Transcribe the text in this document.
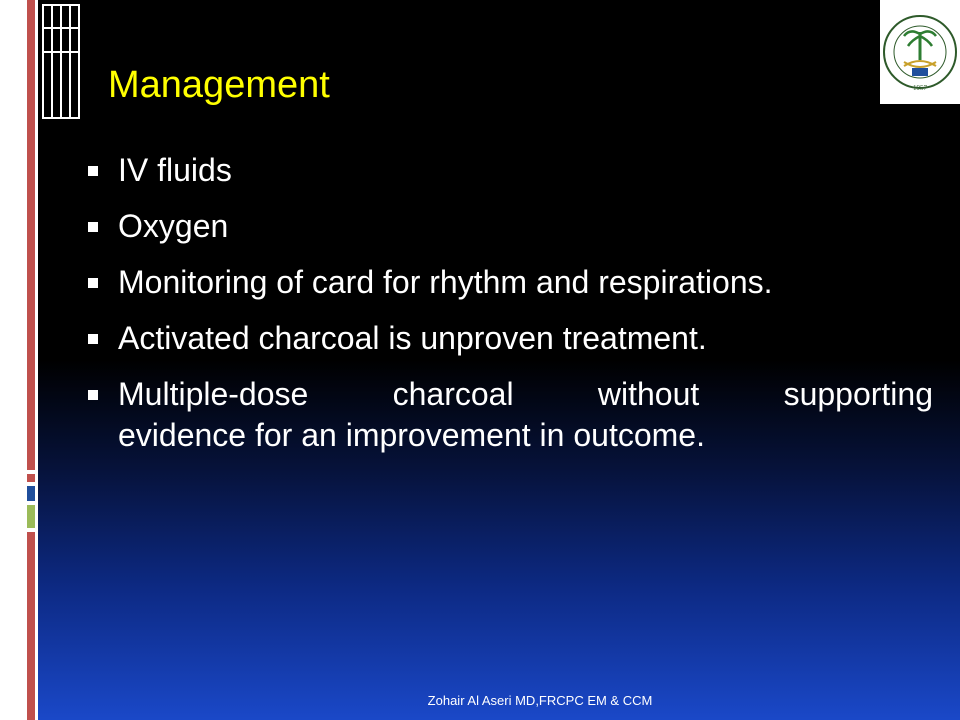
1957
Management
IV fluids
Oxygen
Monitoring of card for rhythm and respirations.
Activated charcoal is unproven treatment.
Multiple-dose charcoal without supporting
evidence for an improvement in outcome.
Zohair Al Aseri MD,FRCPC EM & CCM
